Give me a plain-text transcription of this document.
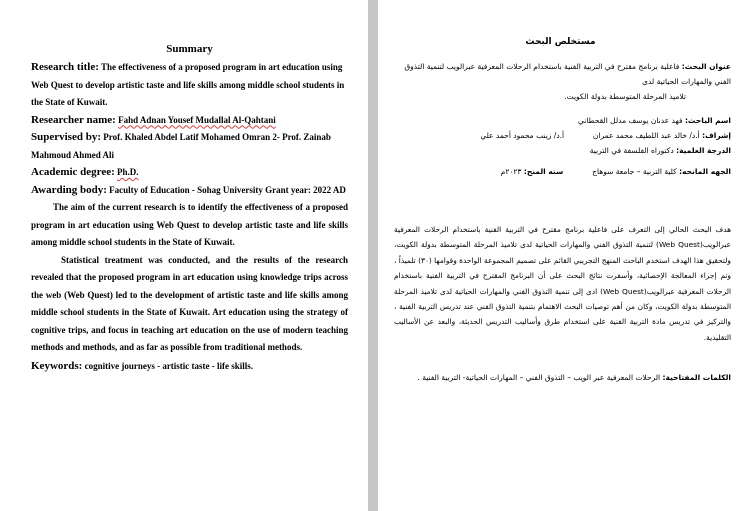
Summary
Research title: The effectiveness of a proposed program in art education using Web Quest to develop artistic taste and life skills among middle school students in the State of Kuwait.
Researcher name: Fahd Adnan Yousef Mudallal Al-Qahtani
Supervised by: Prof. Khaled Abdel Latif Mohamed Omran 2- Prof. Zainab Mahmoud Ahmed Ali
Academic degree: Ph.D.
Awarding body: Faculty of Education - Sohag University Grant year: 2022 AD
The aim of the current research is to identify the effectiveness of a proposed program in art education using Web Quest to develop artistic taste and life skills among middle school students in the State of Kuwait.
Statistical treatment was conducted, and the results of the research revealed that the proposed program in art education using knowledge trips across the web (Web Quest) led to the development of artistic taste and life skills among middle school students in the State of Kuwait. Art education using the strategy of cognitive trips, and focus in teaching art education on the use of modern teaching methods and methods, and as far as possible from traditional methods.
Keywords: cognitive journeys - artistic taste - life skills.
مستخلص البحث
عنوان البحث: فاعلية برنامج مقترح في التربية الفنية باستخدام الرحلات المعرفية عبرالويب لتنمية التذوق الفني والمهارات الحياتية لدى
تلاميذ المرحلة المتوسطة بدولة الكويت.
اسم الباحث: فهد عدنان يوسف مدلل القحطاني
إشراف: أ.د/ خالد عبد اللطيف محمد عمران  أ.د/ زينب محمود أحمد علي
الدرجة العلمية: دكتوراه الفلسفة في التربية
الجهه المانحه: كلية التربية – جامعة سوهاج  سنه المنح: ٢٠٢٣م
هدف البحث الحالي إلى التعرف على فاعلية برنامج مقترح في التربية الفنية باستخدام الرحلات المعرفية عبرالويب(Web Quest) لتنمية التذوق الفني والمهارات الحياتية لدى تلاميذ المرحلة المتوسطة بدولة الكويت، ولتحقيق هذا الهدف استخدم الباحث المنهج التجريبي القائم على تصميم المجموعة الواحدة وقوامها (٣٠) تلميذاً ، وتم إجراء المعالجة الإحصائية، وأسفرت نتائج البحث على أن البرنامج المقترح في التربية الفنية باستخدام الرحلات المعرفية عبرالويب(Web Quest) ادى إلى تنمية التذوق الفني والمهارات الحياتية لدى تلاميذ المرحلة المتوسطة بدولة الكويت، وكان من أهم توصيات البحث الاهتمام بتنمية التذوق الفني عند تدريس التربية الفنية ، والتركيز في تدريس مادة التربية الفنية على استخدام طرق وأساليب التدريس الحديثة، والبعد عن الأساليب التقليدية.
الكلمات المفتاحية: الرحلات المعرفية عبر الويب – التذوق الفني – المهارات الحياتية- التربية الفنية .
